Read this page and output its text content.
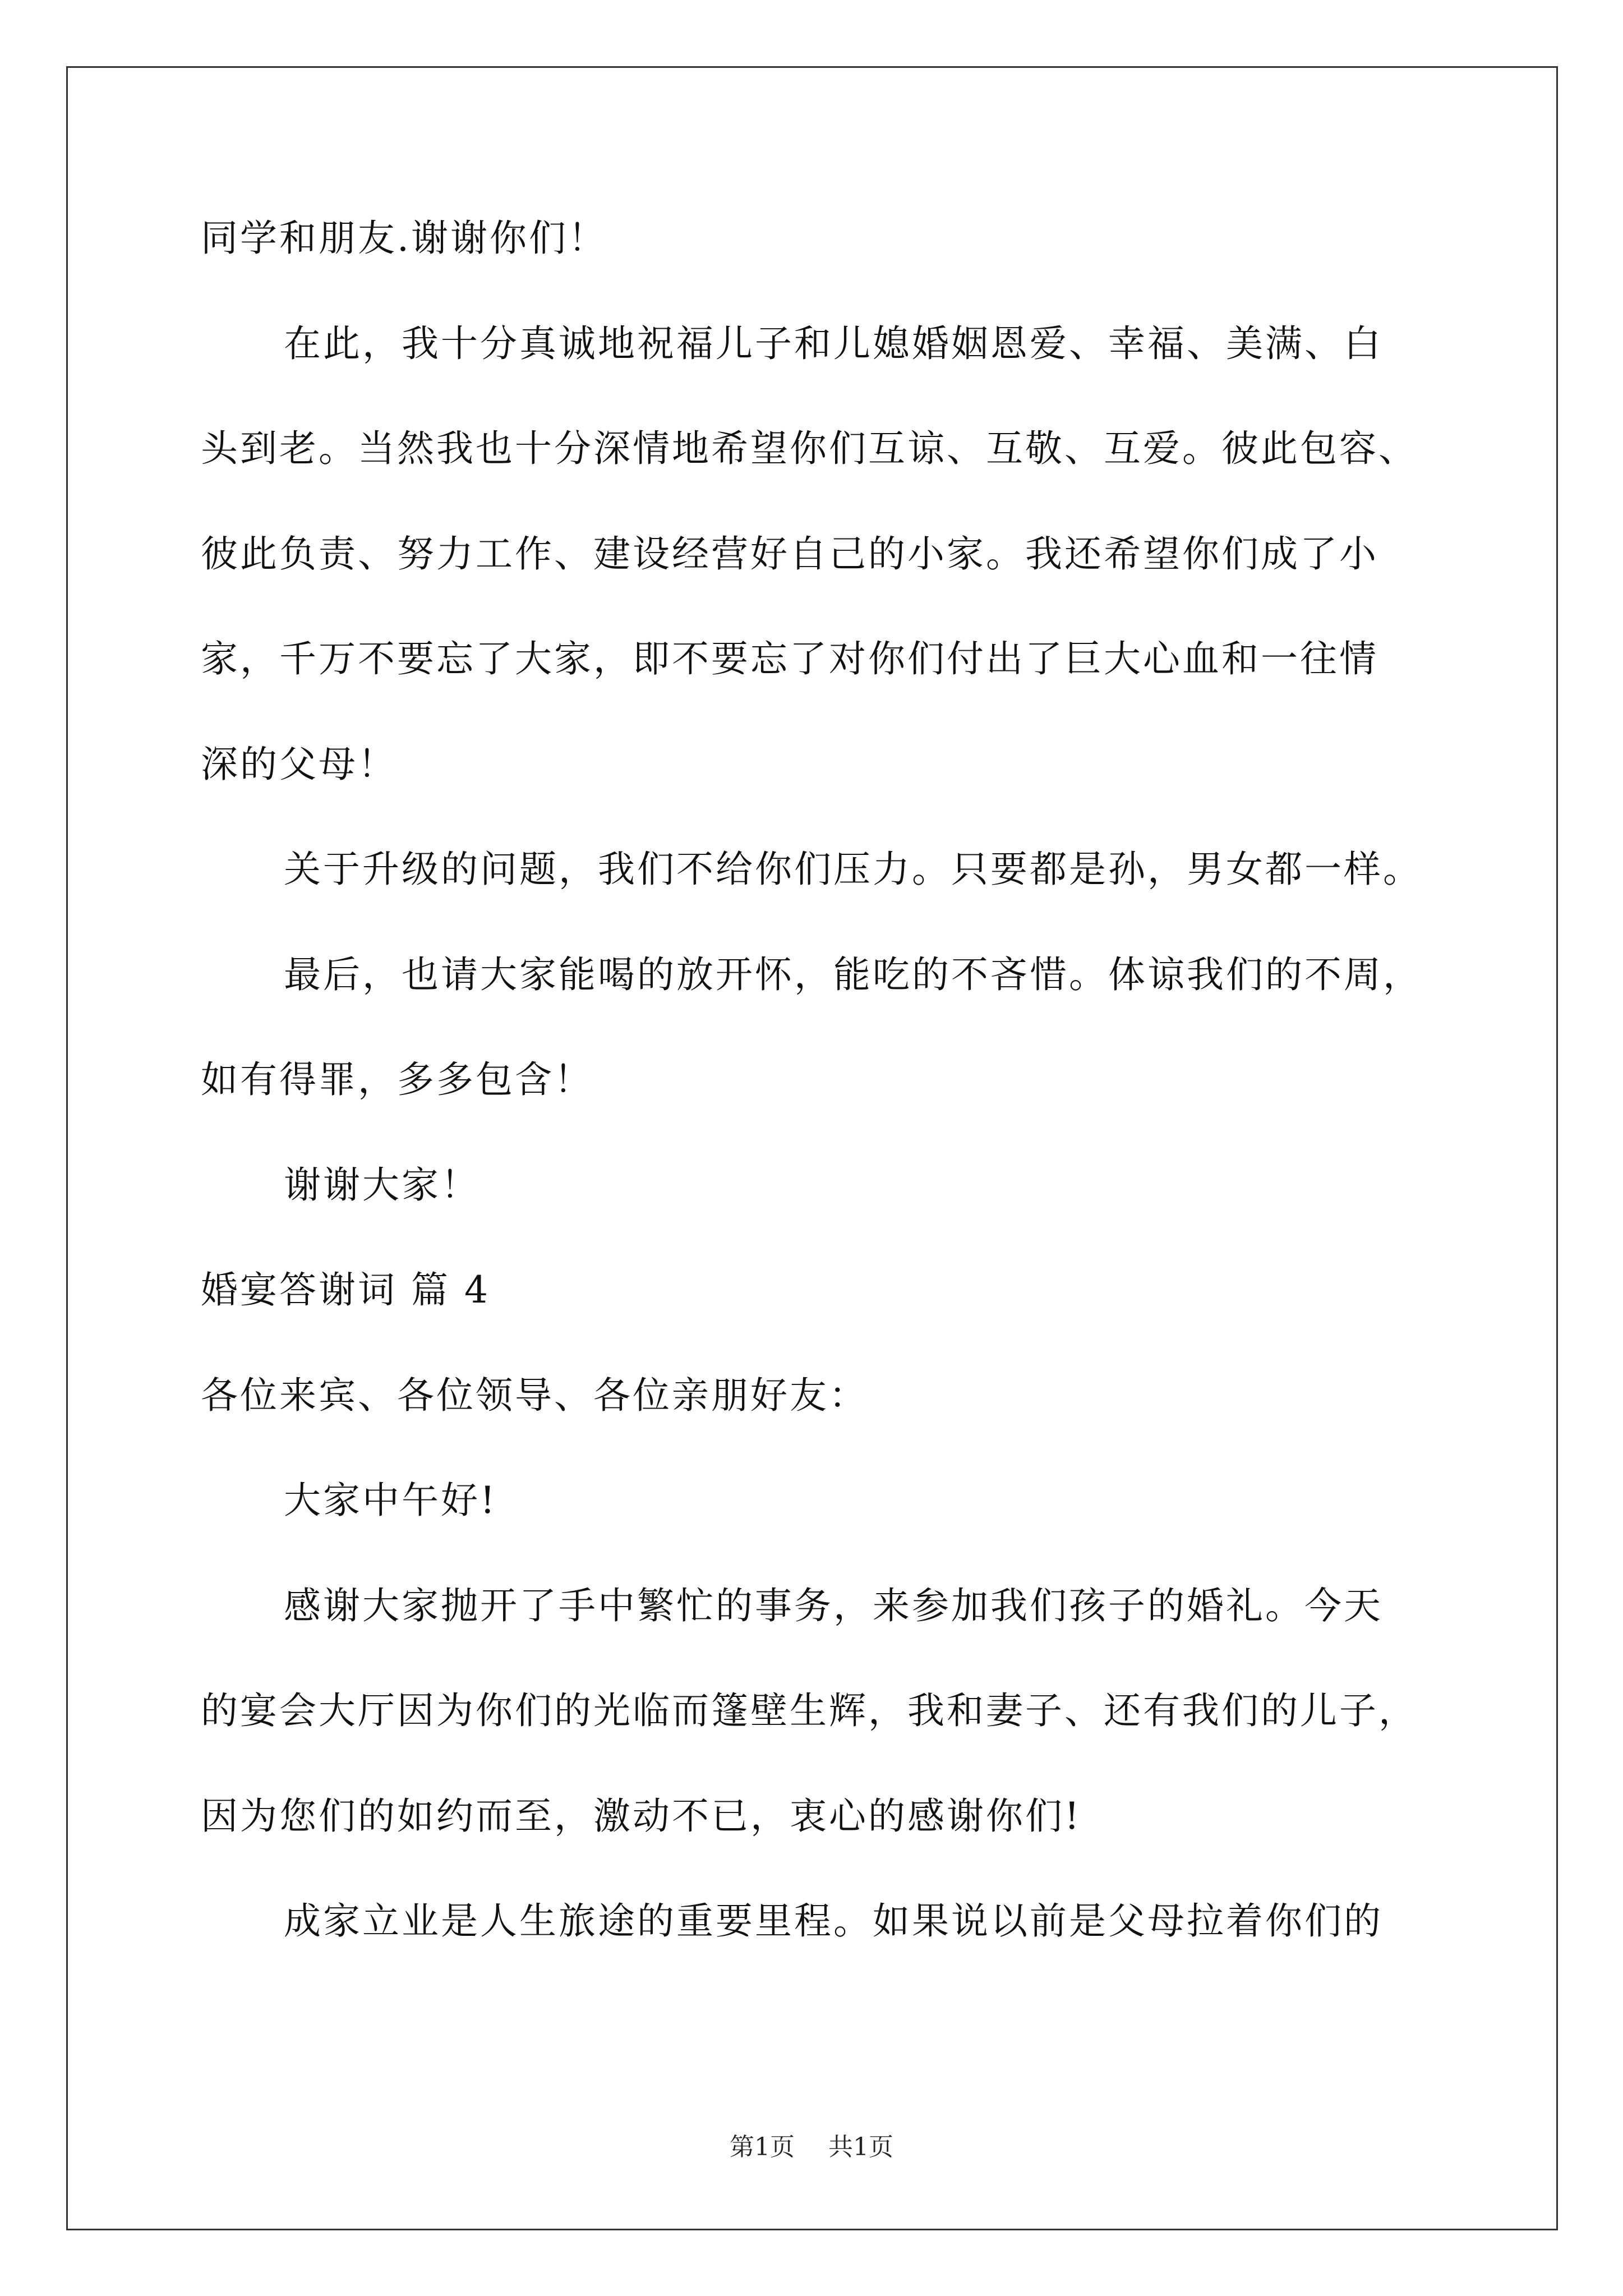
同学和朋友.谢谢你们！
在此，我十分真诚地祝福儿子和儿媳婚姻恩爱、幸福、美满、白
头到老。当然我也十分深情地希望你们互谅、互敬、互爱。彼此包容、
彼此负责、努力工作、建设经营好自己的小家。我还希望你们成了小
家，千万不要忘了大家，即不要忘了对你们付出了巨大心血和一往情
深的父母！
关于升级的问题，我们不给你们压力。只要都是孙，男女都一样。
最后，也请大家能喝的放开怀，能吃的不吝惜。体谅我们的不周，
如有得罪，多多包含！
谢谢大家！
婚宴答谢词 篇 4
各位来宾、各位领导、各位亲朋好友：
大家中午好!
感谢大家抛开了手中繁忙的事务，来参加我们孩子的婚礼。今天
的宴会大厅因为你们的光临而篷壁生辉，我和妻子、还有我们的儿子，
因为您们的如约而至，激动不已，衷心的感谢你们!
成家立业是人生旅途的重要里程。如果说以前是父母拉着你们的
第1页 共1页
